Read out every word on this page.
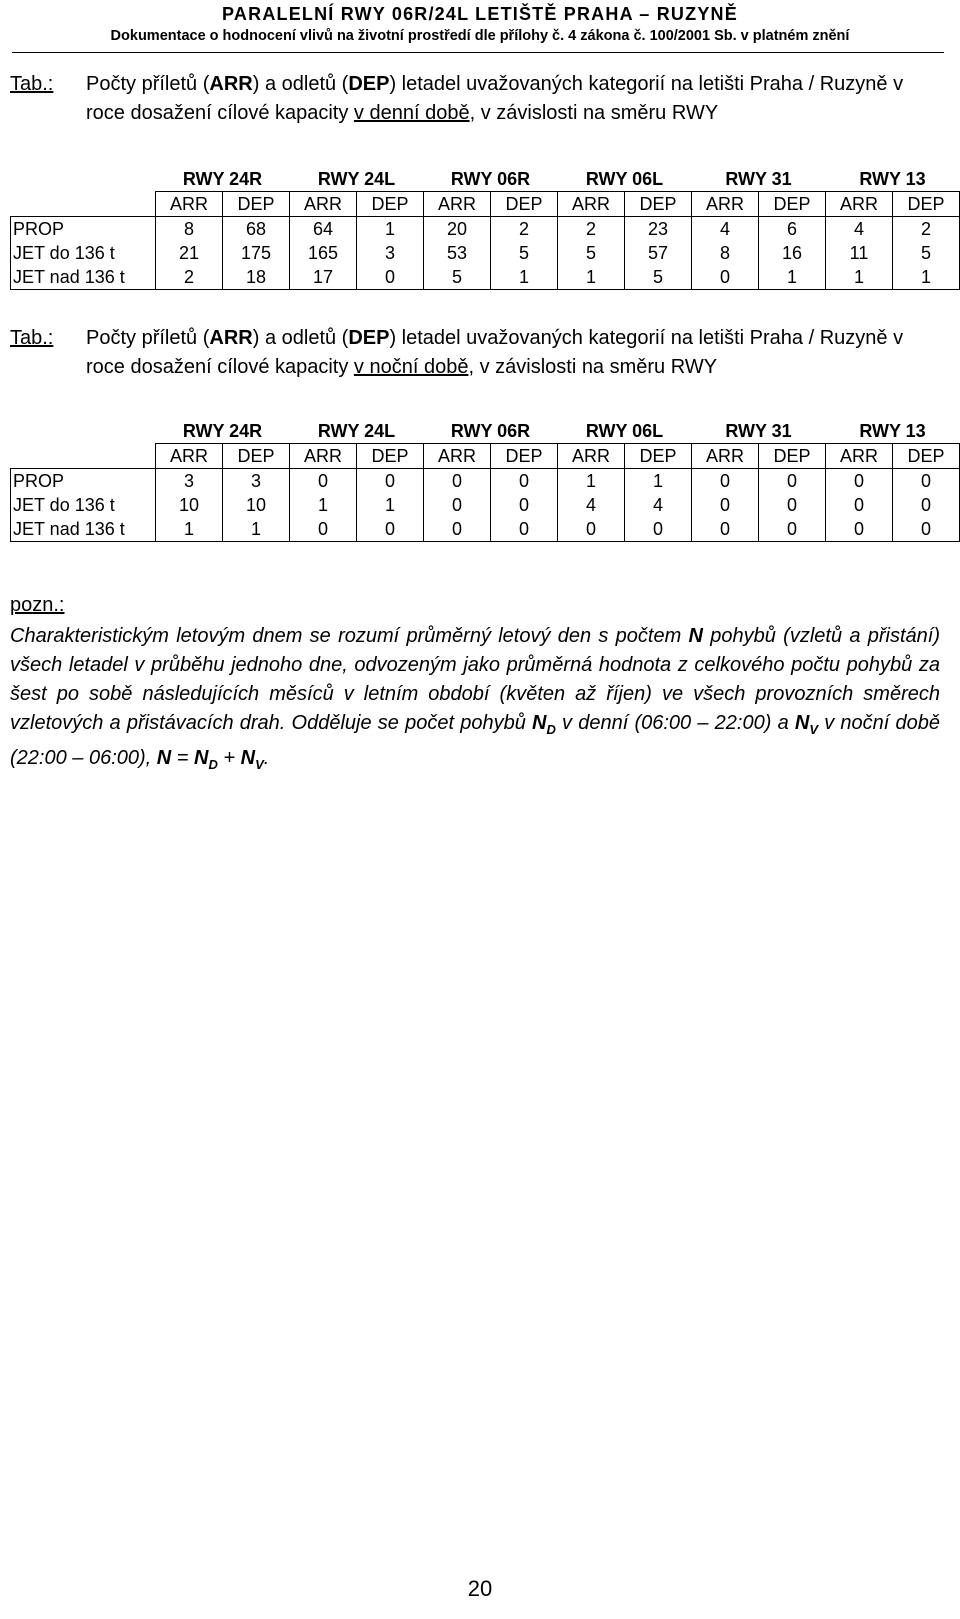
PARALELNÍ RWY 06R/24L LETIŠTĚ PRAHA – RUZYNĚ
Dokumentace o hodnocení vlivů na životní prostředí dle přílohy č. 4 zákona č. 100/2001 Sb. v platném znění
Tab.: Počty příletů (ARR) a odletů (DEP) letadel uvažovaných kategorií na letišti Praha / Ruzyně v roce dosažení cílové kapacity v denní době, v závislosti na směru RWY
	RWY 24R		RWY 24L		RWY 06R		RWY 06L		RWY 31		RWY 13	
	ARR	DEP	ARR	DEP	ARR	DEP	ARR	DEP	ARR	DEP	ARR	DEP
PROP	8	68	64	1	20	2	2	23	4	6	4	2
JET do 136 t	21	175	165	3	53	5	5	57	8	16	11	5
JET nad 136 t	2	18	17	0	5	1	1	5	0	1	1	1
Tab.: Počty příletů (ARR) a odletů (DEP) letadel uvažovaných kategorií na letišti Praha / Ruzyně v roce dosažení cílové kapacity v noční době, v závislosti na směru RWY
	RWY 24R		RWY 24L		RWY 06R		RWY 06L		RWY 31		RWY 13	
	ARR	DEP	ARR	DEP	ARR	DEP	ARR	DEP	ARR	DEP	ARR	DEP
PROP	3	3	0	0	0	0	1	1	0	0	0	0
JET do 136 t	10	10	1	1	0	0	4	4	0	0	0	0
JET nad 136 t	1	1	0	0	0	0	0	0	0	0	0	0
pozn.:
Charakteristickým letovým dnem se rozumí průměrný letový den s počtem N pohybů (vzletů a přistání) všech letadel v průběhu jednoho dne, odvozeným jako průměrná hodnota z celkového počtu pohybů za šest po sobě následujících měsíců v letním období (květen až říjen) ve všech provozních směrech vzletových a přistávacích drah. Odděluje se počet pohybů $N_D$ v denní (06:00 – 22:00) a $N_V$ v noční době (22:00 – 06:00), $N = N_D + N_V$.
20
